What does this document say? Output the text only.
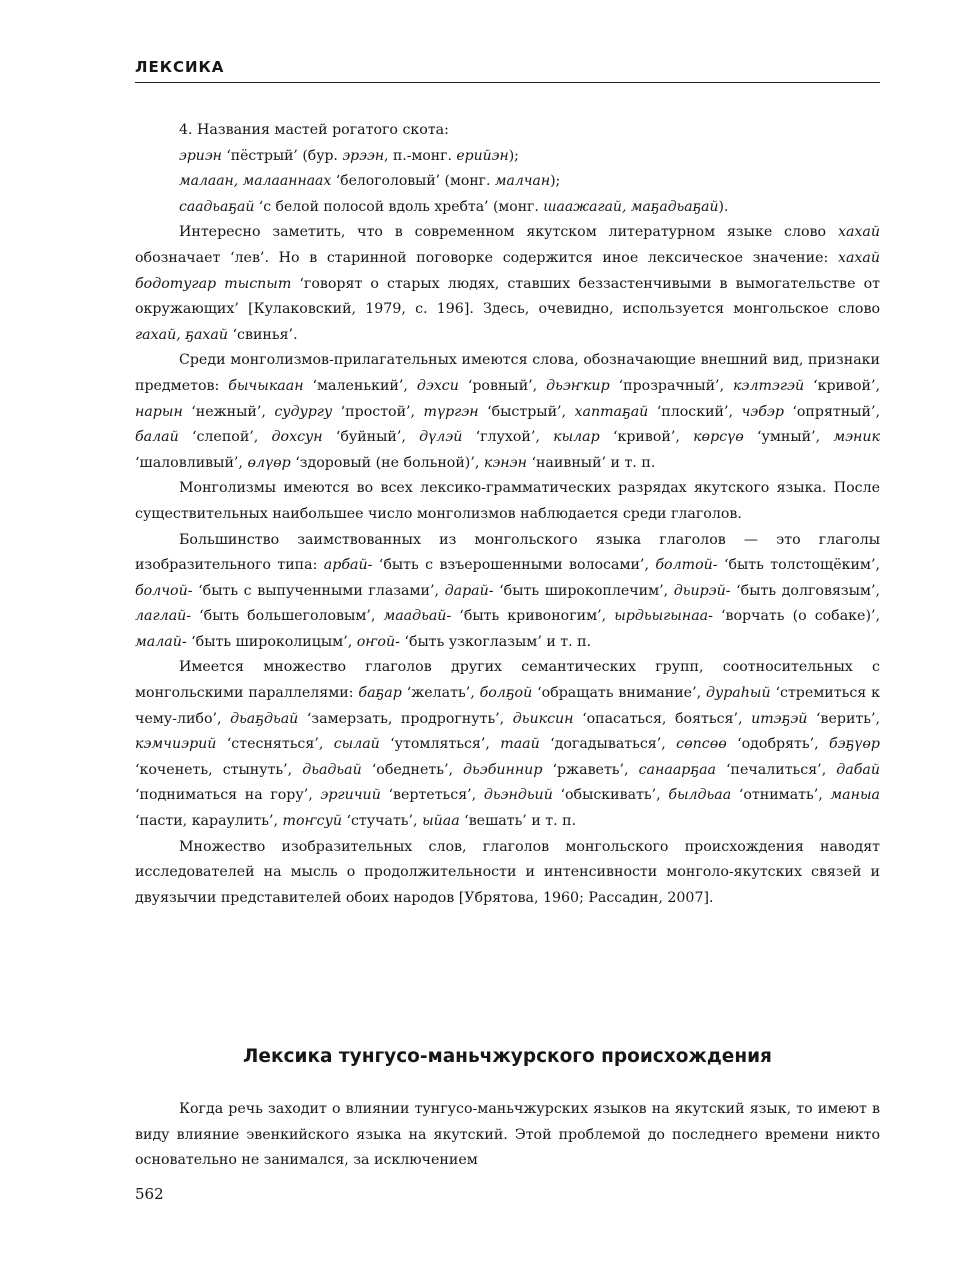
ЛЕКСИКА
4. Названия мастей рогатого скота:
эриэн ‘пёстрый’ (бур. эрээн, п.-монг. ерийэн);
малаан, малааннаах ‘белоголовый’ (монг. малчан);
саадьаҕай ‘с белой полосой вдоль хребта’ (монг. шаажагай, маҕадьаҕай).

Интересно заметить, что в современном якутском литературном языке слово хахай обозначает ‘лев’. Но в старинной поговорке содержится иное лексическое значение: хахай бодотугар тыспыт ‘говорят о старых людях, ставших беззастенчивыми в вымогательстве от окружающих’ [Кулаковский, 1979, с. 196]. Здесь, очевидно, используется монгольское слово гахай, ҕахай ‘свинья’.

Среди монголизмов-прилагательных имеются слова, обозначающие внешний вид, признаки предметов: бычыкаан ‘маленький’, дэхси ‘ровный’, дьэҥкир ‘прозрачный’, кэлтэгэй ‘кривой’, нарын ‘нежный’, судургу ‘простой’, түргэн ‘быстрый’, хаптаҕай ‘плоский’, чэбэр ‘опрятный’, балай ‘слепой’, дохсун ‘буйный’, дүлэй ‘глухой’, кылар ‘кривой’, көрсүө ‘умный’, мэник ‘шаловливый’, өлүөр ‘здоровый (не больной)’, кэнэн ‘наивный’ и т. п.

Монголизмы имеются во всех лексико-грамматических разрядах якутского языка. После существительных наибольшее число монголизмов наблюдается среди глаголов.

Большинство заимствованных из монгольского языка глаголов — это глаголы изобразительного типа: арбай- ‘быть с взъерошенными волосами’, болтой- ‘быть толстощёким’, болчой- ‘быть с выпученными глазами’, дарай- ‘быть широкоплечим’, дьирэй- ‘быть долговязым’, лаглай- ‘быть большеголовым’, маадьай- ‘быть кривоногим’, ырдьыгынаа- ‘ворчать (о собаке)’, малай- ‘быть широколицым’, оҥой- ‘быть узкоглазым’ и т. п.

Имеется множество глаголов других семантических групп, соотносительных с монгольскими параллелями: баҕар ‘желать’, болҕой ‘обращать внимание’, дураһый ‘стремиться к чему-либо’, дьаҕдьай ‘замерзать, продрогнуть’, дьиксин ‘опасаться, бояться’, итэҕэй ‘верить’, кэмчиэрий ‘стесняться’, сылай ‘утомляться’, таай ‘догадываться’, сөпсөө ‘одобрять’, бэҕүөр ‘коченеть, стынуть’, дьадьай ‘обеднеть’, дьэбиннир ‘ржаветь’, санаарҕаа ‘печалиться’, дабай ‘подниматься на гору’, эргичий ‘вертеться’, дьэндьий ‘обыскивать’, былдьаа ‘отнимать’, маныа ‘пасти, караулить’, тоҥсуй ‘стучать’, ыйаа ‘вешать’ и т. п.

Множество изобразительных слов, глаголов монгольского происхождения наводят исследователей на мысль о продолжительности и интенсивности монголо-якутских связей и двуязычии представителей обоих народов [Убрятова, 1960; Рассадин, 2007].

Лексика тунгусо-маньчжурского происхождения

Когда речь заходит о влиянии тунгусо-маньчжурских языков на якутский язык, то имеют в виду влияние эвенкийского языка на якутский. Этой проблемой до последнего времени никто основательно не занимался, за исключением

562
